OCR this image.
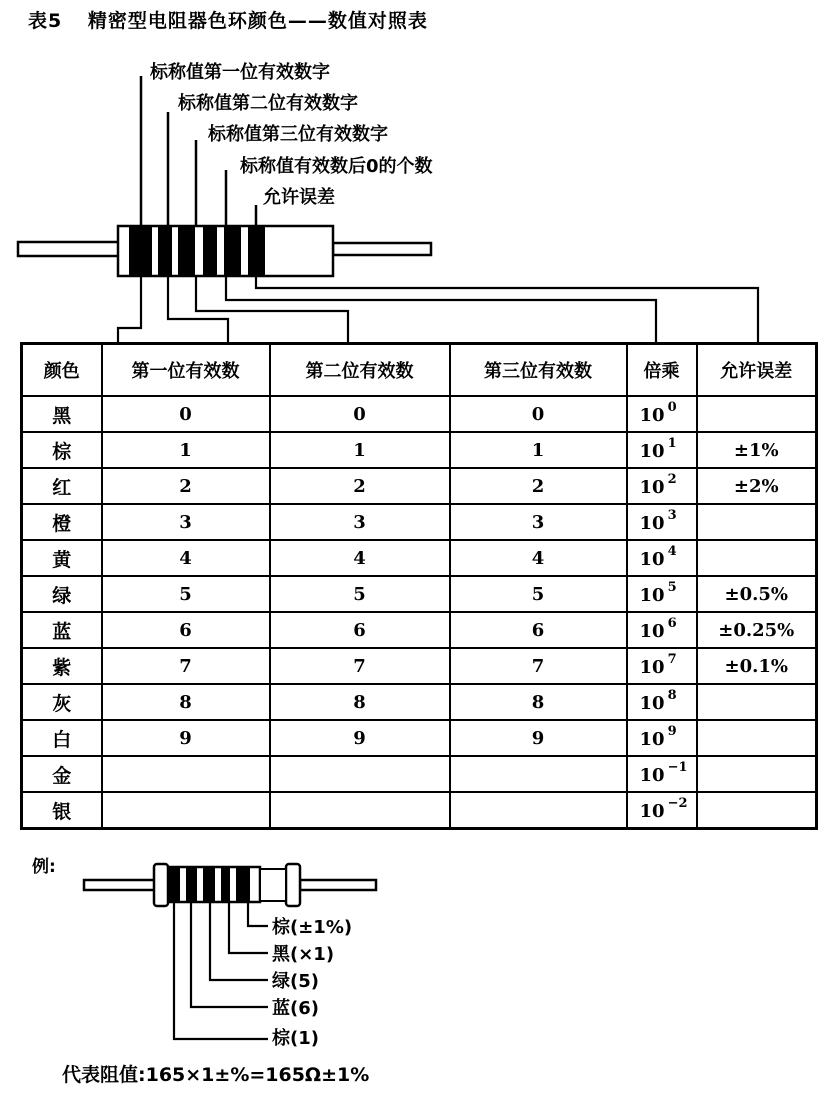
表5 精密型电阻器色环颜色——数值对照表
标称值第一位有效数字
标称值第二位有效数字
标称值第三位有效数字
标称值有效数后0的个数
允许误差
颜色	第一位有效数	第二位有效数	第三位有效数	倍乘	允许误差
黑	0	0	0	10 $^0$	
棕	1	1	1	10 $^1$	±1%
红	2	2	2	10 $^2$	±2%
橙	3	3	3	10 $^3$	
黄	4	4	4	10 $^4$	
绿	5	5	5	10 $^5$	±0.5%
蓝	6	6	6	10 $^6$	±0.25%
紫	7	7	7	10 $^7$	±0.1%
灰	8	8	8	10 $^8$	
白	9	9	9	10 $^9$	
金				10 $^{-1}$	
银				10 $^{-2}$	
例:
棕(±1%)
黑(×1)
绿(5)
蓝(6)
棕(1)
代表阻值:165×1±%=165Ω±1%
